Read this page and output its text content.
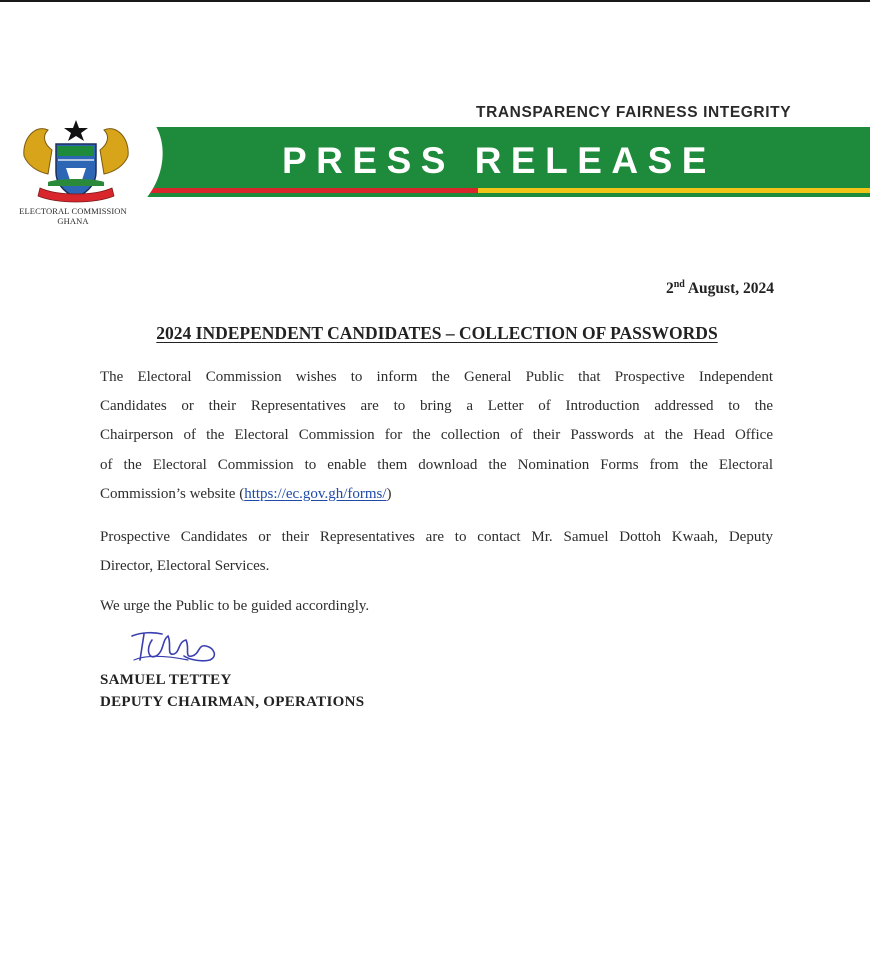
TRANSPARENCY FAIRNESS INTEGRITY
PRESS RELEASE
ELECTORAL COMMISSION
GHANA
2nd August, 2024
2024 INDEPENDENT CANDIDATES – COLLECTION OF PASSWORDS
The Electoral Commission wishes to inform the General Public that Prospective Independent
Candidates or their Representatives are to bring a Letter of Introduction addressed to the
Chairperson of the Electoral Commission for the collection of their Passwords at the Head Office
of the Electoral Commission to enable them download the Nomination Forms from the Electoral
Commission’s website (https://ec.gov.gh/forms/)
Prospective Candidates or their Representatives are to contact Mr. Samuel Dottoh Kwaah, Deputy
Director, Electoral Services.
We urge the Public to be guided accordingly.
SAMUEL TETTEY
DEPUTY CHAIRMAN, OPERATIONS
